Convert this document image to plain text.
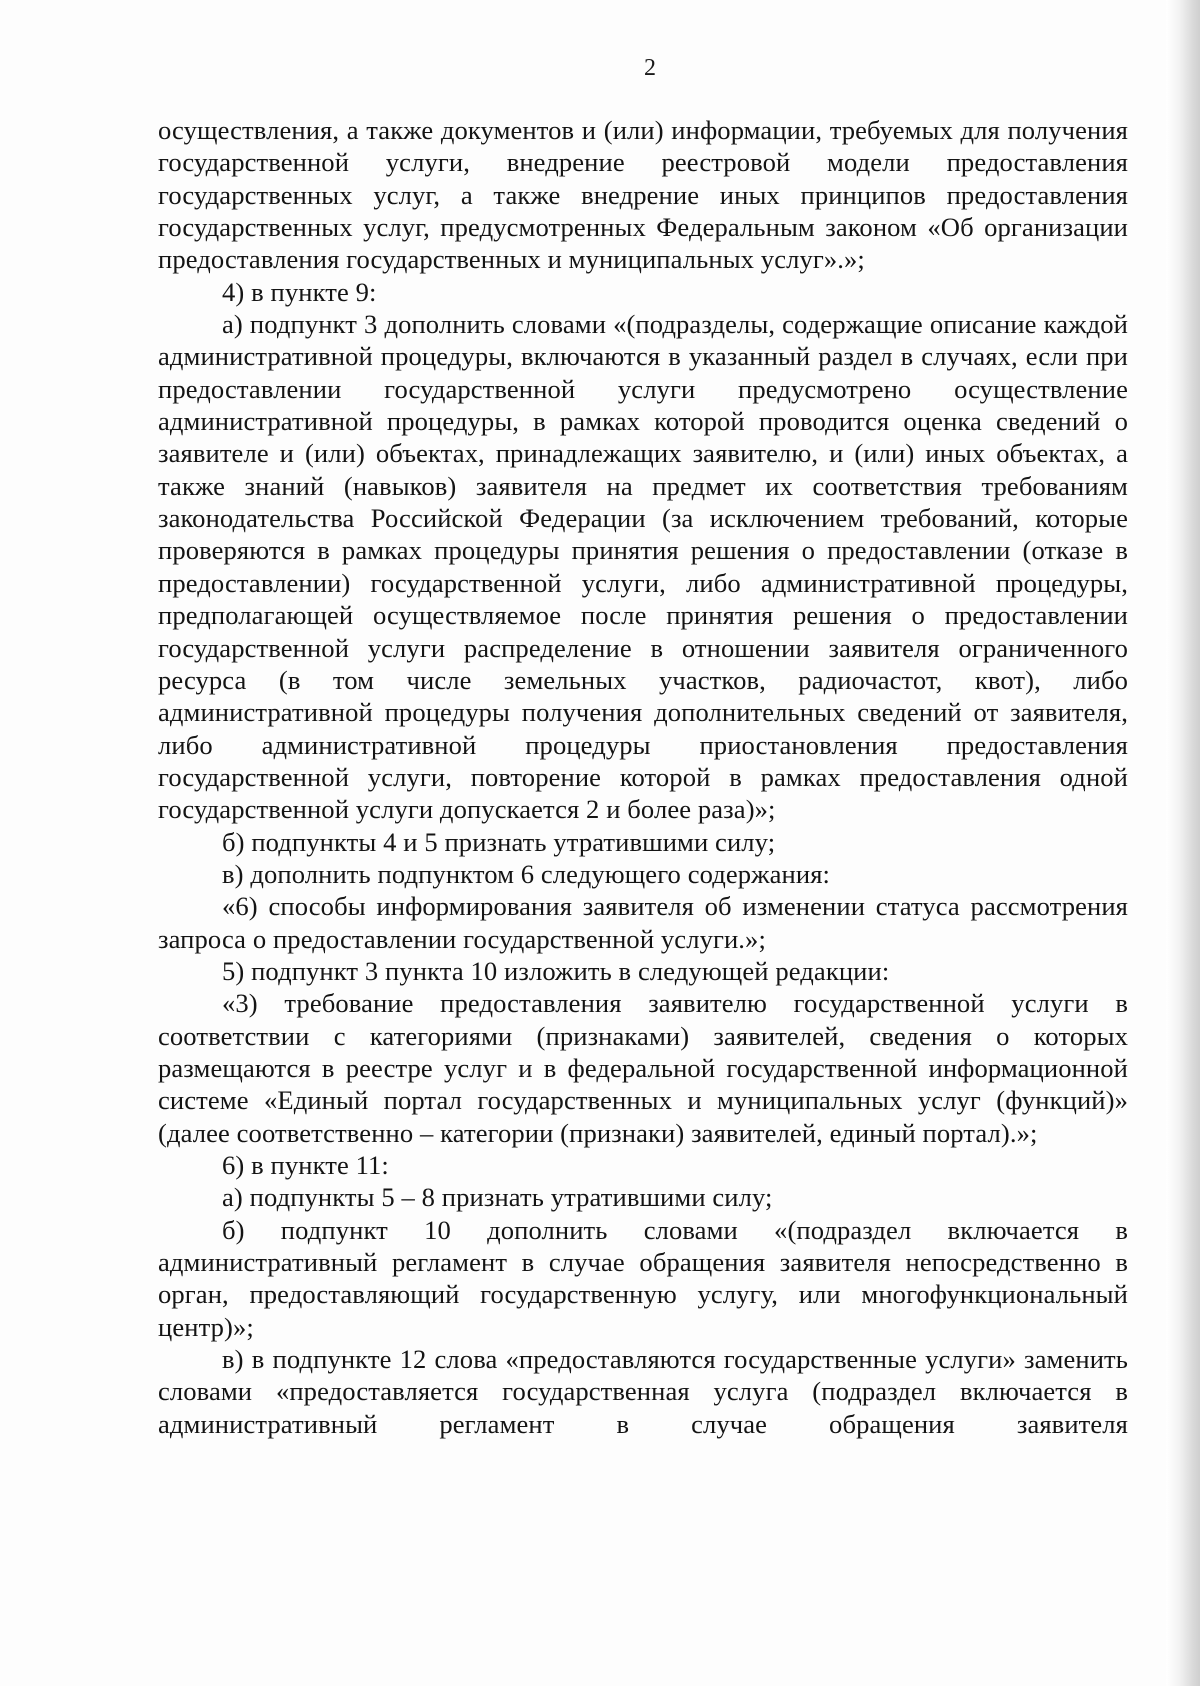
2

осуществления, а также документов и (или) информации, требуемых для получения государственной услуги, внедрение реестровой модели предоставления государственных услуг, а также внедрение иных принципов предоставления государственных услуг, предусмотренных Федеральным законом «Об организации предоставления государственных и муниципальных услуг».»;

4) в пункте 9:

а) подпункт 3 дополнить словами «(подразделы, содержащие описание каждой административной процедуры, включаются в указанный раздел в случаях, если при предоставлении государственной услуги предусмотрено осуществление административной процедуры, в рамках которой проводится оценка сведений о заявителе и (или) объектах, принадлежащих заявителю, и (или) иных объектах, а также знаний (навыков) заявителя на предмет их соответствия требованиям законодательства Российской Федерации (за исключением требований, которые проверяются в рамках процедуры принятия решения о предоставлении (отказе в предоставлении) государственной услуги, либо административной процедуры, предполагающей осуществляемое после принятия решения о предоставлении государственной услуги распределение в отношении заявителя ограниченного ресурса (в том числе земельных участков, радиочастот, квот), либо административной процедуры получения дополнительных сведений от заявителя, либо административной процедуры приостановления предоставления государственной услуги, повторение которой в рамках предоставления одной государственной услуги допускается 2 и более раза)»;

б) подпункты 4 и 5 признать утратившими силу;

в) дополнить подпунктом 6 следующего содержания:

«6) способы информирования заявителя об изменении статуса рассмотрения запроса о предоставлении государственной услуги.»;

5) подпункт 3 пункта 10 изложить в следующей редакции:

«3) требование предоставления заявителю государственной услуги в соответствии с категориями (признаками) заявителей, сведения о которых размещаются в реестре услуг и в федеральной государственной информационной системе «Единый портал государственных и муниципальных услуг (функций)» (далее соответственно – категории (признаки) заявителей, единый портал).»;

6) в пункте 11:

а) подпункты 5 – 8 признать утратившими силу;

б) подпункт 10 дополнить словами «(подраздел включается в административный регламент в случае обращения заявителя непосредственно в орган, предоставляющий государственную услугу, или многофункциональный центр)»;

в) в подпункте 12 слова «предоставляются государственные услуги» заменить словами «предоставляется государственная услуга (подраздел включается в административный регламент в случае обращения заявителя
